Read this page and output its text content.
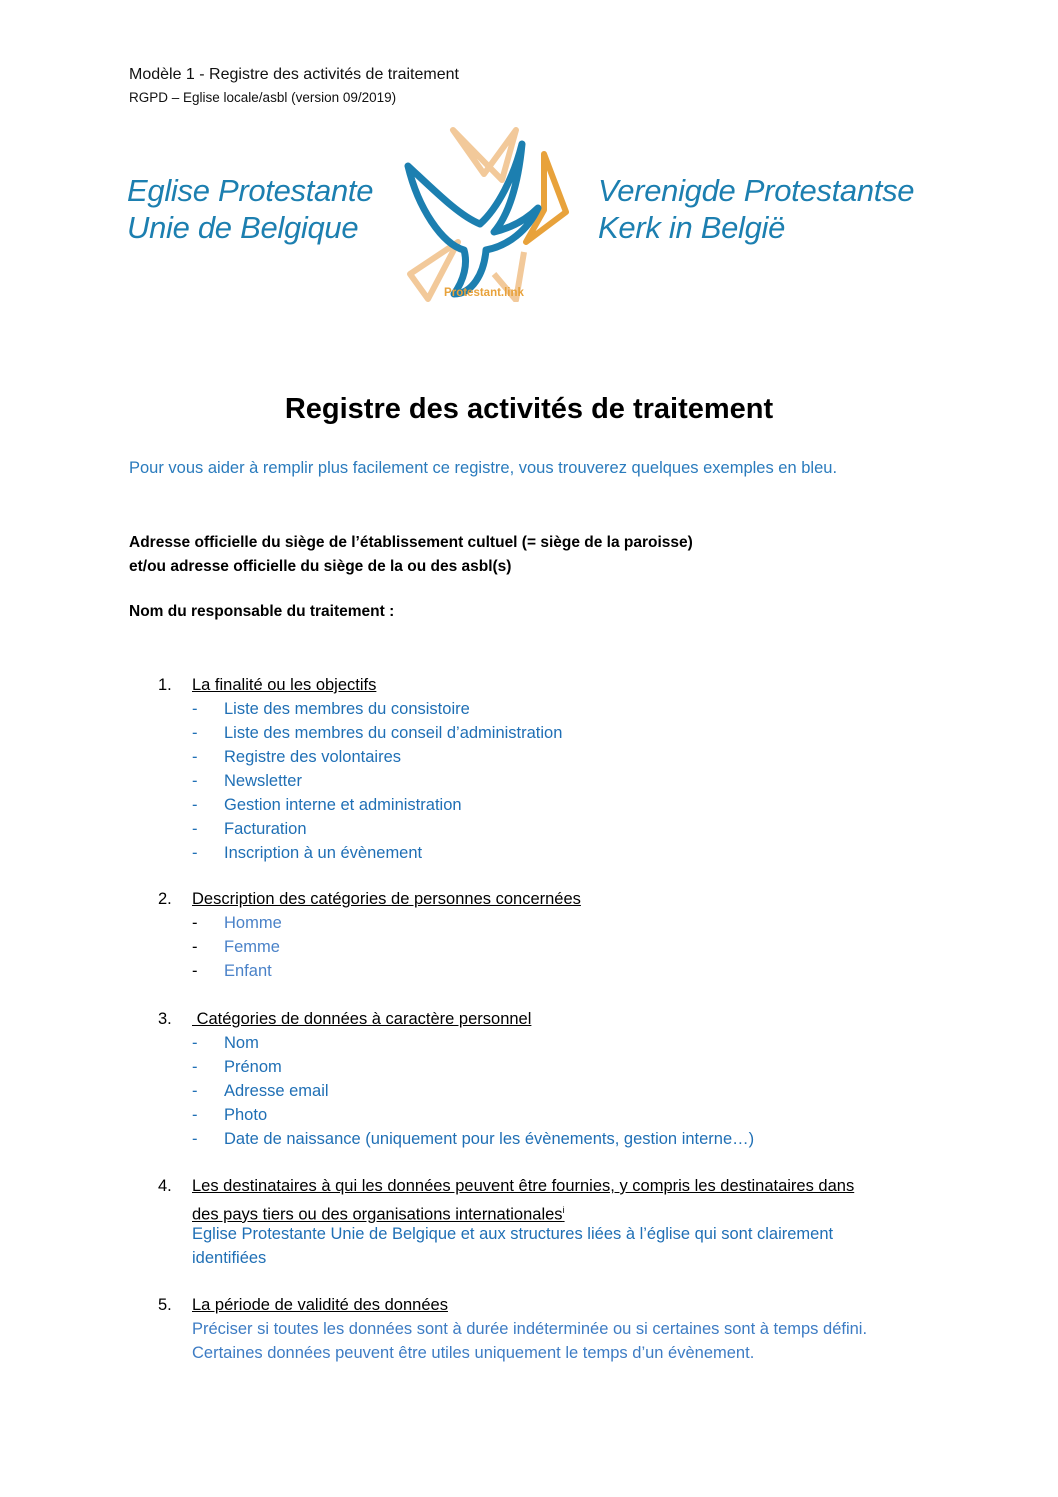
Modèle 1 - Registre des activités de traitement
RGPD – Eglise locale/asbl (version 09/2019)
Eglise Protestante
Unie de Belgique
Protestant.link
Verenigde Protestantse
Kerk in België
Registre des activités de traitement
Pour vous aider à remplir plus facilement ce registre, vous trouverez quelques exemples en bleu.
Adresse officielle du siège de l’établissement cultuel (= siège de la paroisse)
et/ou adresse officielle du siège de la ou des asbl(s)
Nom du responsable du traitement :
1.	La finalité ou les objectifs
- Liste des membres du consistoire
- Liste des membres du conseil d’administration
- Registre des volontaires
- Newsletter
- Gestion interne et administration
- Facturation
- Inscription à un évènement
2.	Description des catégories de personnes concernées
- Homme
- Femme
- Enfant
3.	Catégories de données à caractère personnel
- Nom
- Prénom
- Adresse email
- Photo
- Date de naissance (uniquement pour les évènements, gestion interne…)
4.	Les destinataires à qui les données peuvent être fournies, y compris les destinataires dans
des pays tiers ou des organisations internationales$^i$
Eglise Protestante Unie de Belgique et aux structures liées à l’église qui sont clairement
identifiées
5.	La période de validité des données
Préciser si toutes les données sont à durée indéterminée ou si certaines sont à temps défini.
Certaines données peuvent être utiles uniquement le temps d’un évènement.
